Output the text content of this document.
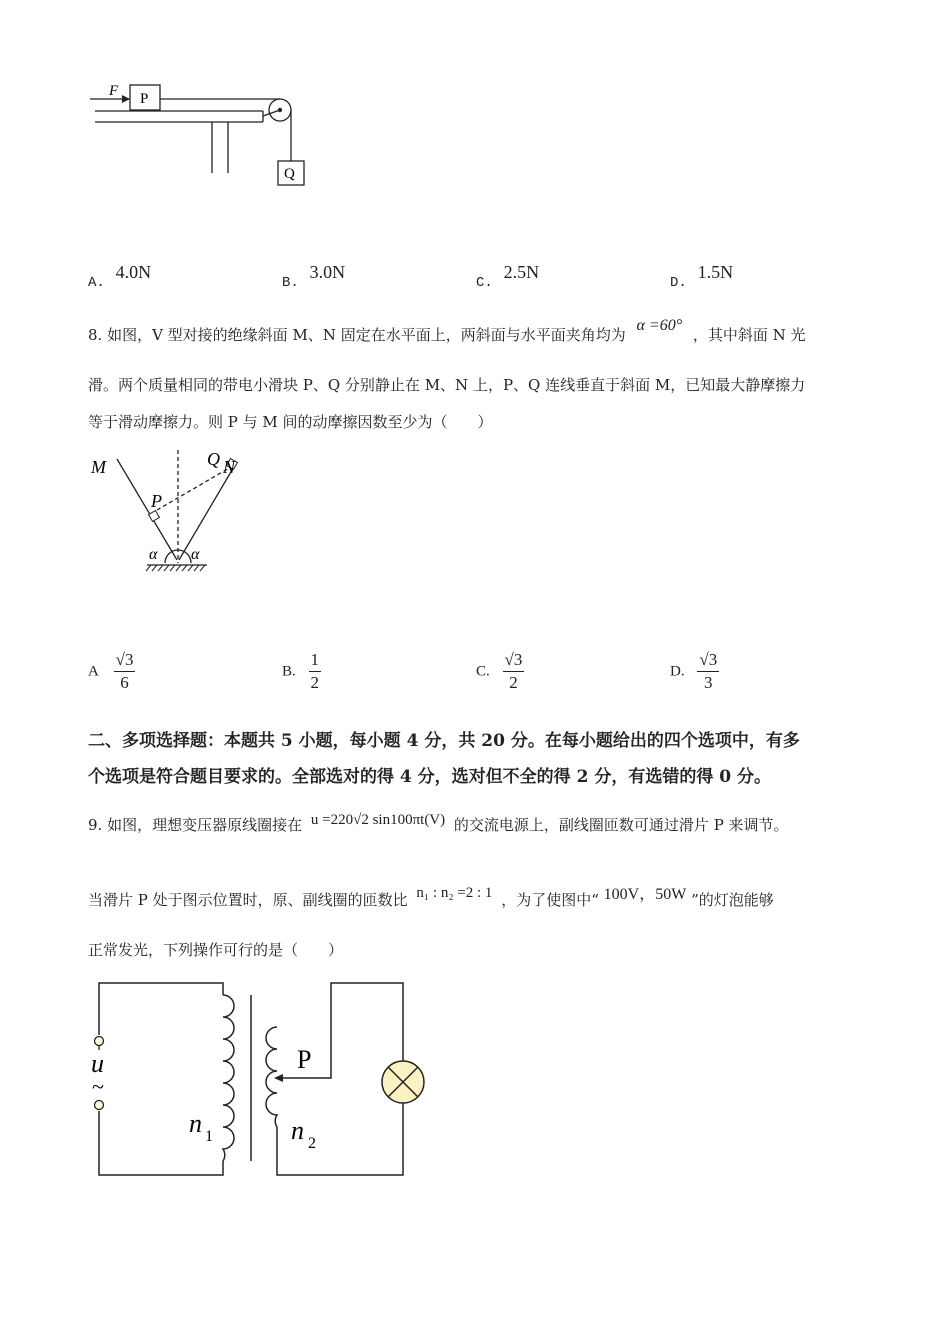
F P
Q
A. 4.0N
B. 3.0N
C. 2.5N
D. 1.5N
8. 如图，V 型对接的绝缘斜面 M、N 固定在水平面上，两斜面与水平面夹角均为 α =60° ，其中斜面 N 光
滑。两个质量相同的带电小滑块 P、Q 分别静止在 M、N 上，P、Q 连线垂直于斜面 M，已知最大静摩擦力
等于滑动摩擦力。则 P 与 M 间的动摩擦因数至少为（　　）
M
P
Q N
α α
A $\frac{√3}{6}$	B. $\frac{1}{2}$	C. $\frac{√3}{2}$	D. $\frac{√3}{3}$
二、多项选择题：本题共 5 小题，每小题 4 分，共 20 分。在每小题给出的四个选项中，有多
个选项是符合题目要求的。全部选对的得 4 分，选对但不全的得 2 分，有选错的得 0 分。
9. 如图，理想变压器原线圈接在 u =220√2 sin100πt(V) 的交流电源上，副线圈匝数可通过滑片 P 来调节。
当滑片 P 处于图示位置时，原、副线圈的匝数比 n₁ : n₂ =2 : 1 ，为了使图中“ 100V，50W ”的灯泡能够
正常发光，下列操作可行的是（　　）
u
~
P
n 1	n 2
